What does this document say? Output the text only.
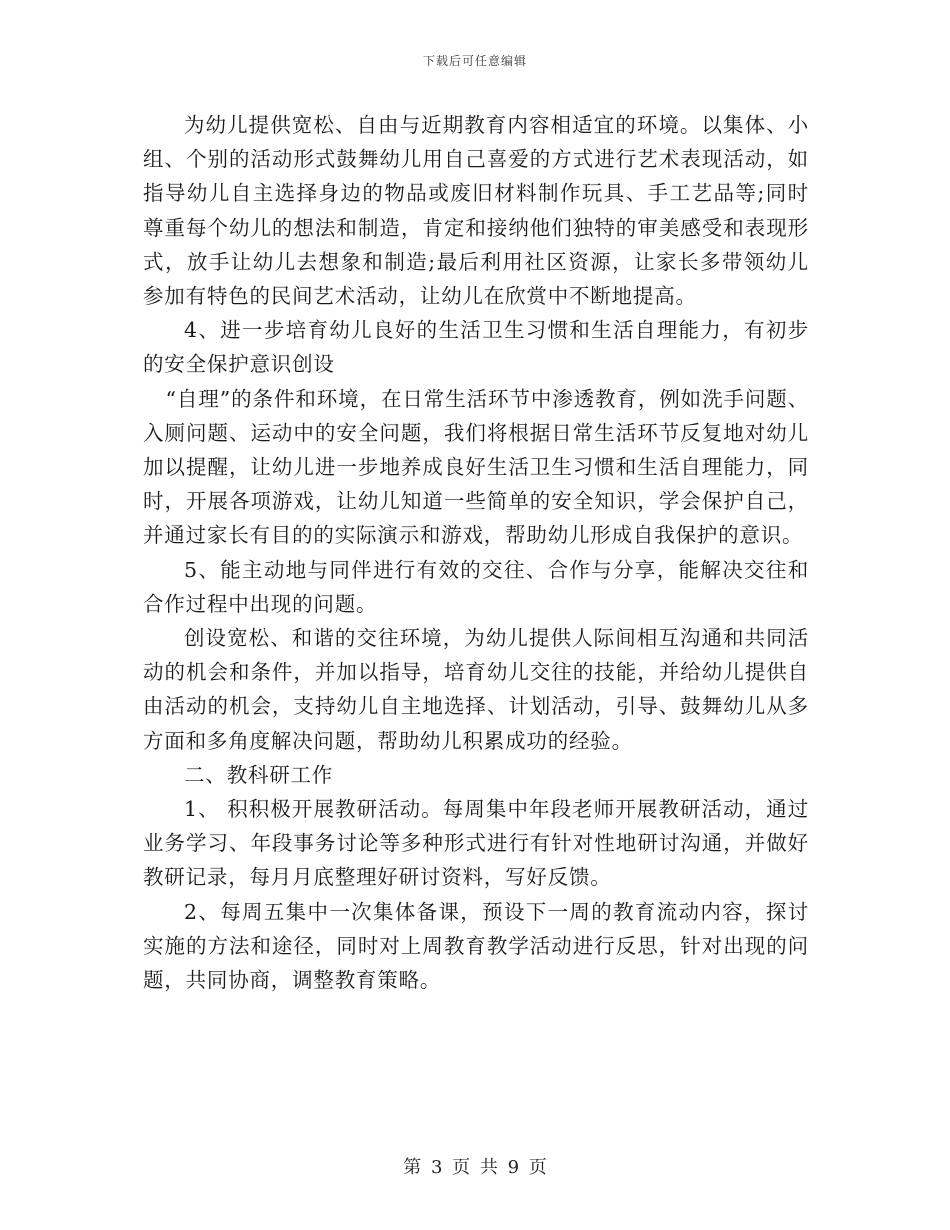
下载后可任意编辑

为幼儿提供宽松、自由与近期教育内容相适宜的环境。以集体、小组、个别的活动形式鼓舞幼儿用自己喜爱的方式进行艺术表现活动，如指导幼儿自主选择身边的物品或废旧材料制作玩具、手工艺品等;同时尊重每个幼儿的想法和制造，肯定和接纳他们独特的审美感受和表现形式，放手让幼儿去想象和制造;最后利用社区资源，让家长多带领幼儿参加有特色的民间艺术活动，让幼儿在欣赏中不断地提高。

4、进一步培育幼儿良好的生活卫生习惯和生活自理能力，有初步的安全保护意识创设

“自理”的条件和环境，在日常生活环节中渗透教育，例如洗手问题、入厕问题、运动中的安全问题，我们将根据日常生活环节反复地对幼儿加以提醒，让幼儿进一步地养成良好生活卫生习惯和生活自理能力，同时，开展各项游戏，让幼儿知道一些简单的安全知识，学会保护自己，并通过家长有目的的实际演示和游戏，帮助幼儿形成自我保护的意识。

5、能主动地与同伴进行有效的交往、合作与分享，能解决交往和合作过程中出现的问题。

创设宽松、和谐的交往环境，为幼儿提供人际间相互沟通和共同活动的机会和条件，并加以指导，培育幼儿交往的技能，并给幼儿提供自由活动的机会，支持幼儿自主地选择、计划活动，引导、鼓舞幼儿从多方面和多角度解决问题，帮助幼儿积累成功的经验。

二、教科研工作

1、 积积极开展教研活动。每周集中年段老师开展教研活动，通过业务学习、年段事务讨论等多种形式进行有针对性地研讨沟通，并做好教研记录，每月月底整理好研讨资料，写好反馈。

2、每周五集中一次集体备课，预设下一周的教育流动内容，探讨实施的方法和途径，同时对上周教育教学活动进行反思，针对出现的问题，共同协商，调整教育策略。

第 3 页 共 9 页
